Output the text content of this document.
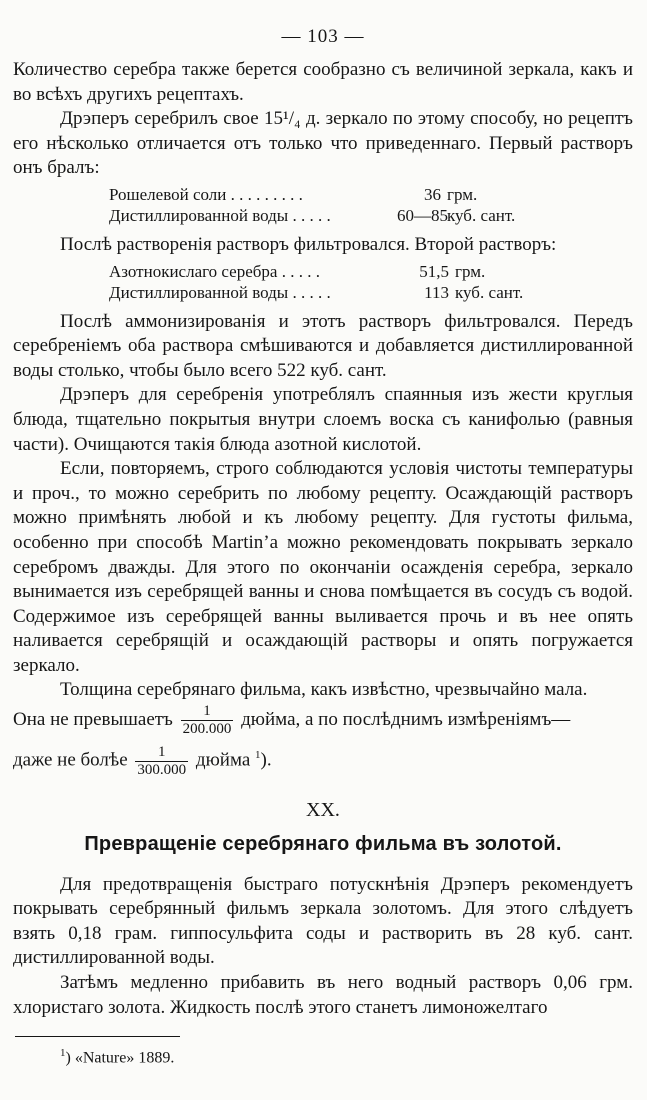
— 103 —

Количество серебра также берется сообразно съ величиной зеркала, какъ и во всѣхъ другихъ рецептахъ.

Дрэперъ серебрилъ свое 15¹/₄ д. зеркало по этому способу, но рецептъ его нѣсколько отличается отъ только что приведеннаго. Первый растворъ онъ бралъ:

Рошелевой соли . . . . . . . . .	36 грм.
Дистиллированной воды . . . . .	60—85 куб. сант.

Послѣ растворенія растворъ фильтровался. Второй растворъ:

Азотнокислаго серебра . . . . .	51,5 грм.
Дистиллированной воды . . . . .	113 куб. сант.

Послѣ аммонизированія и этотъ растворъ фильтровался. Передъ серебреніемъ оба раствора смѣшиваются и добавляется дистиллированной воды столько, чтобы было всего 522 куб. сант.

Дрэперъ для серебренія употреблялъ спаянныя изъ жести круглыя блюда, тщательно покрытыя внутри слоемъ воска съ канифолью (равныя части). Очищаются такія блюда азотной кислотой.

Если, повторяемъ, строго соблюдаются условія чистоты температуры и проч., то можно серебрить по любому рецепту. Осаждающій растворъ можно примѣнять любой и къ любому рецепту. Для густоты фильма, особенно при способѣ Martin’а можно рекомендовать покрывать зеркало серебромъ дважды. Для этого по окончаніи осажденія серебра, зеркало вынимается изъ серебрящей ванны и снова помѣщается въ сосудъ съ водой. Содержимое изъ серебрящей ванны выливается прочь и въ нее опять наливается серебрящій и осаждающій растворы и опять погружается зеркало.

Толщина серебрянаго фильма, какъ извѣстно, чрезвычайно мала.

Она не превышаетъ $\frac{1}{200.000}$ дюйма, а по послѣднимъ измѣреніямъ—

даже не болѣе $\frac{1}{300.000}$ дюйма $^1$).

XX.
Превращеніе серебрянаго фильма въ золотой.

Для предотвращенія быстраго потускнѣнія Дрэперъ рекомендуетъ покрывать серебрянный фильмъ зеркала золотомъ. Для этого слѣдуетъ взять 0,18 грам. гиппосульфита соды и растворить въ 28 куб. сант. дистиллированной воды.

Затѣмъ медленно прибавить въ него водный растворъ 0,06 грм. хлористаго золота. Жидкость послѣ этого станетъ лимоножелтаго

$^1$) «Nature» 1889.
